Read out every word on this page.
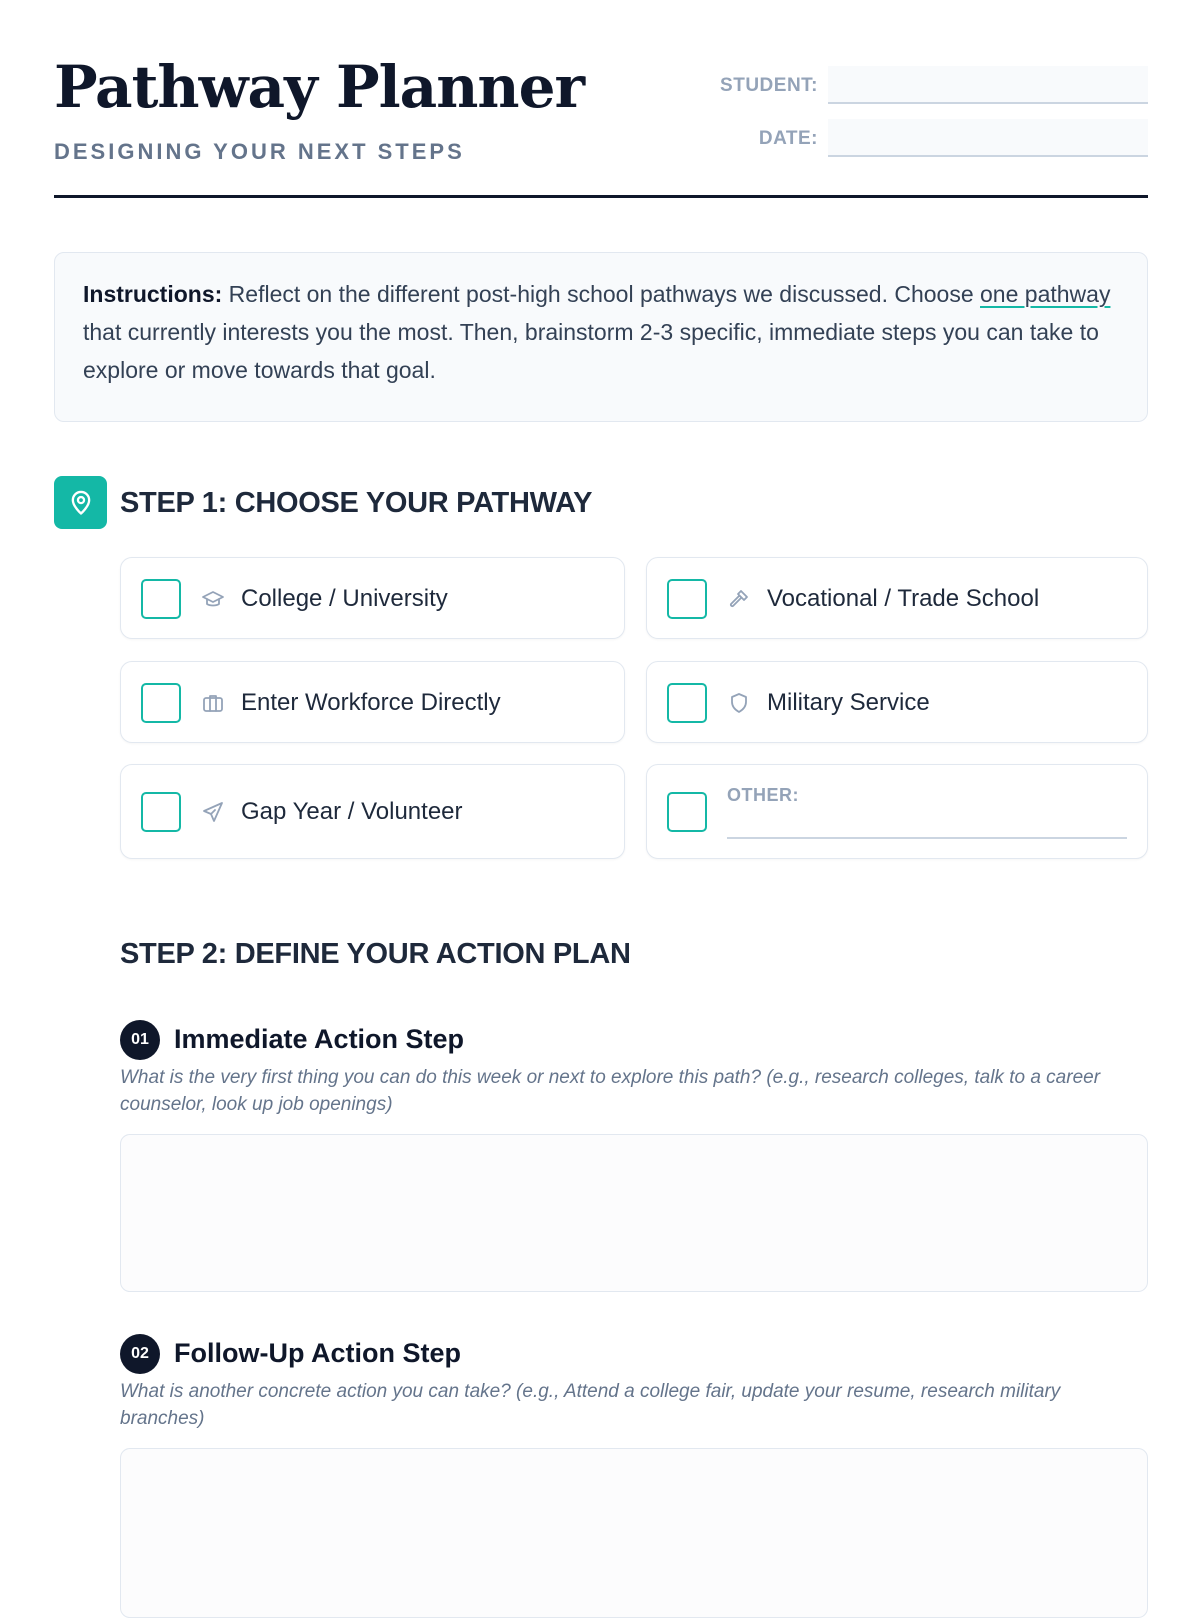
Pathway Planner
DESIGNING YOUR NEXT STEPS
STUDENT:
DATE:
Instructions: Reflect on the different post-high school pathways we discussed. Choose one pathway that currently interests you the most. Then, brainstorm 2-3 specific, immediate steps you can take to explore or move towards that goal.
STEP 1: CHOOSE YOUR PATHWAY
College / University	Vocational / Trade School
Enter Workforce Directly	Military Service
Gap Year / Volunteer
OTHER:
STEP 2: DEFINE YOUR ACTION PLAN
01 Immediate Action Step
What is the very first thing you can do this week or next to explore this path? (e.g., research colleges, talk to a career counselor, look up job openings)
02 Follow-Up Action Step
What is another concrete action you can take? (e.g., Attend a college fair, update your resume, research military branches)
